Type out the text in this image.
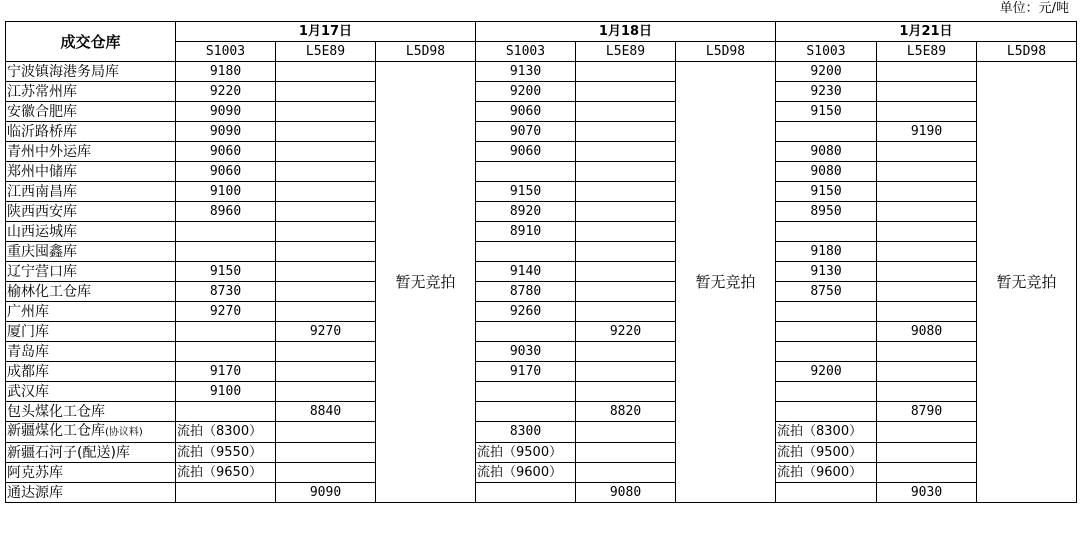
单位：元/吨
成交仓库	1月17日			1月18日			1月21日		
	S1003	L5E89	L5D98	S1003	L5E89	L5D98	S1003	L5E89	L5D98
宁波镇海港务局库	9180		暂无竞拍	9130		暂无竞拍	9200		暂无竞拍
江苏常州库	9220			9200			9230		
安徽合肥库	9090			9060			9150		
临沂路桥库	9090			9070				9190	
青州中外运库	9060			9060			9080		
郑州中储库	9060						9080		
江西南昌库	9100			9150			9150		
陕西西安库	8960			8920			8950		
山西运城库				8910					
重庆囤鑫库							9180		
辽宁营口库	9150			9140			9130		
榆林化工仓库	8730			8780			8750		
广州库	9270			9260					
厦门库		9270			9220			9080	
青岛库				9030					
成都库	9170			9170			9200		
武汉库	9100								
包头煤化工仓库		8840			8820			8790	
新疆煤化工仓库(协议料)	流拍（8300）			8300			流拍（8300）		
新疆石河子(配送)库	流拍（9550）			流拍（9500）			流拍（9500）		
阿克苏库	流拍（9650）			流拍（9600）			流拍（9600）		
通达源库		9090			9080			9030	
